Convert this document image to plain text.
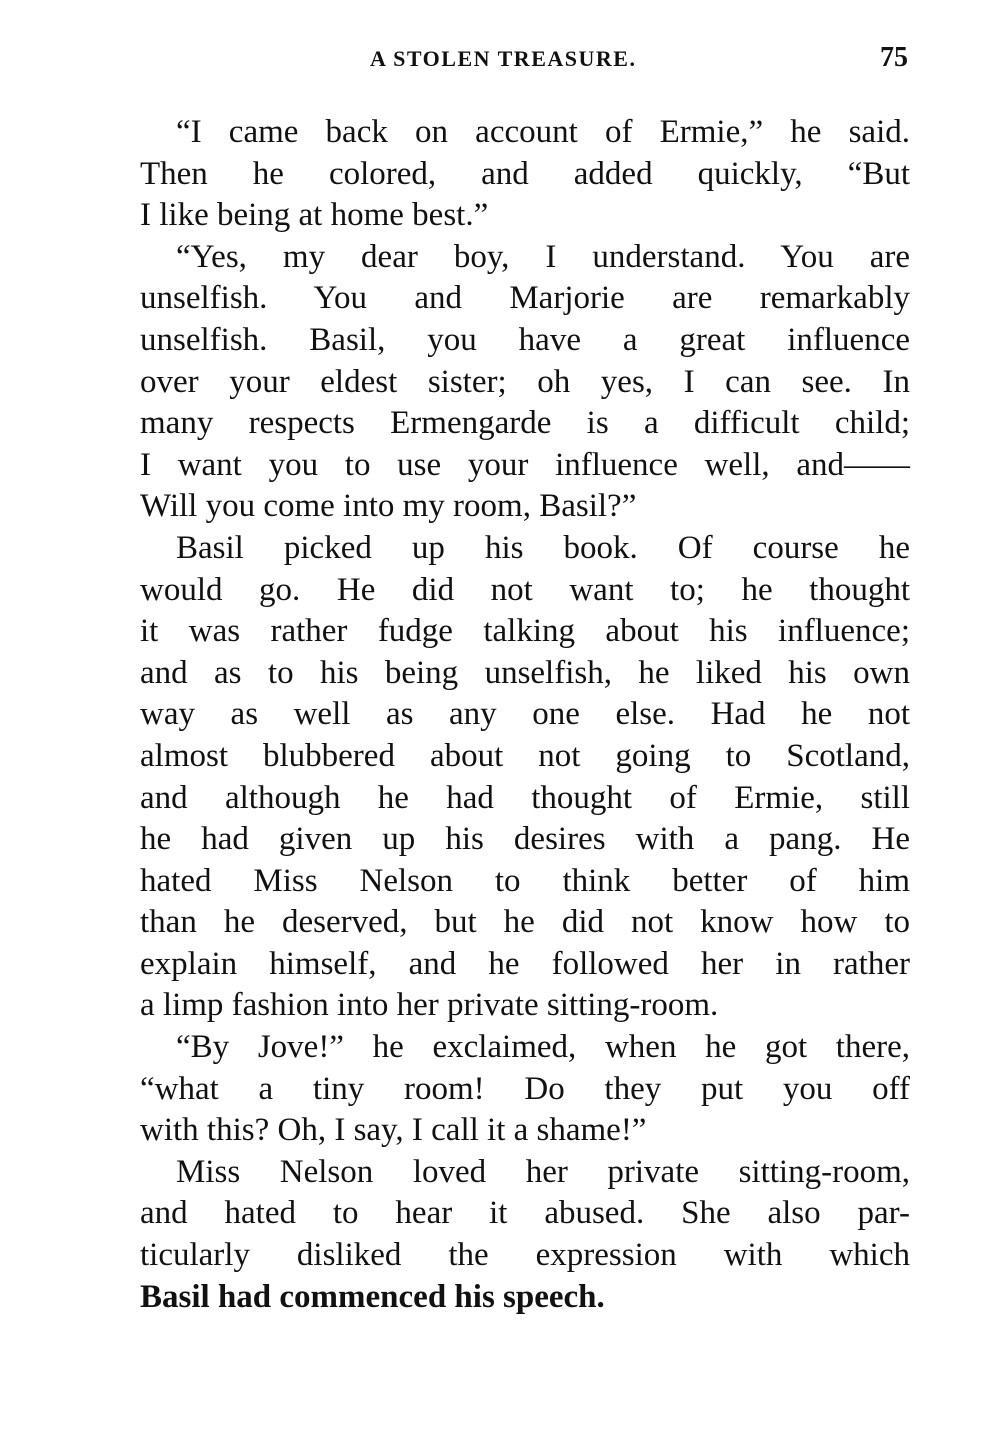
A STOLEN TREASURE.	75
“I came back on account of Ermie,” he said.
Then he colored, and added quickly, “But
I like being at home best.”
“Yes, my dear boy, I understand. You are
unselfish. You and Marjorie are remarkably
unselfish. Basil, you have a great influence
over your eldest sister; oh yes, I can see. In
many respects Ermengarde is a difficult child;
I want you to use your influence well, and——
Will you come into my room, Basil?”
Basil picked up his book. Of course he
would go. He did not want to; he thought
it was rather fudge talking about his influence;
and as to his being unselfish, he liked his own
way as well as any one else. Had he not
almost blubbered about not going to Scotland,
and although he had thought of Ermie, still
he had given up his desires with a pang. He
hated Miss Nelson to think better of him
than he deserved, but he did not know how to
explain himself, and he followed her in rather
a limp fashion into her private sitting-room.
“By Jove!” he exclaimed, when he got there,
“what a tiny room! Do they put you off
with this? Oh, I say, I call it a shame!”
Miss Nelson loved her private sitting-room,
and hated to hear it abused. She also par-
ticularly disliked the expression with which
Basil had commenced his speech.
